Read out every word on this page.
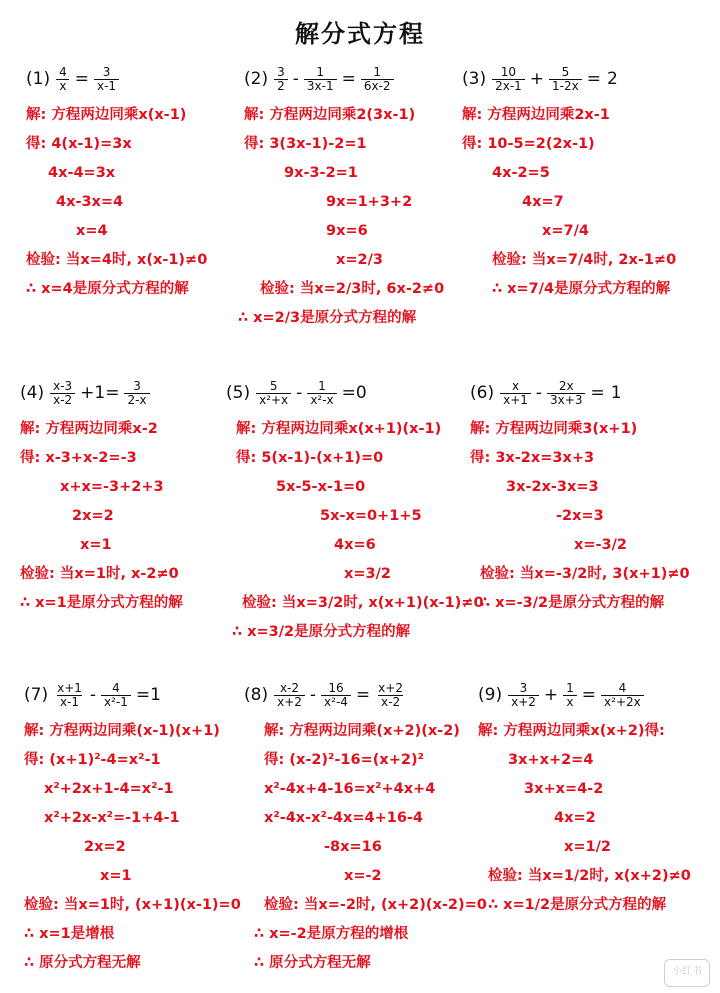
解分式方程
$(1) \frac{4}{x} = \frac{3}{x-1}$
解: 方程两边同乘x(x-1)
得: 4(x-1)=3x
4x-4=3x
4x-3x=4
x=4
检验: 当x=4时, x(x-1)≠0
∴ x=4是原分式方程的解
$(2) \frac{3}{2} - \frac{1}{3x-1} = \frac{1}{6x-2}$
解: 方程两边同乘2(3x-1)
得: 3(3x-1)-2=1
9x-3-2=1
9x=1+3+2
9x=6
x=2/3
检验: 当x=2/3时, 6x-2≠0
∴ x=2/3是原分式方程的解
$(3) \frac{10}{2x-1} + \frac{5}{1-2x} = 2$
解: 方程两边同乘2x-1
得: 10-5=2(2x-1)
4x-2=5
4x=7
x=7/4
检验: 当x=7/4时, 2x-1≠0
∴ x=7/4是原分式方程的解
$(4) \frac{x-3}{x-2} +1= \frac{3}{2-x}$
解: 方程两边同乘x-2
得: x-3+x-2=-3
x+x=-3+2+3
2x=2
x=1
检验: 当x=1时, x-2≠0
∴ x=1是原分式方程的解
$(5) \frac{5}{\text{x²+x}} - \frac{1}{\text{x²-x}} =0$
解: 方程两边同乘x(x+1)(x-1)
得: 5(x-1)-(x+1)=0
5x-5-x-1=0
5x-x=0+1+5
4x=6
x=3/2
检验: 当x=3/2时, x(x+1)(x-1)≠0
∴ x=3/2是原分式方程的解
$(6) \frac{x}{x+1} - \frac{2x}{3x+3} = 1$
解: 方程两边同乘3(x+1)
得: 3x-2x=3x+3
3x-2x-3x=3
-2x=3
x=-3/2
检验: 当x=-3/2时, 3(x+1)≠0
∴ x=-3/2是原分式方程的解
$(7) \frac{x+1}{x-1} - \frac{4}{\text{x²-1}} =1$
解: 方程两边同乘(x-1)(x+1)
得: (x+1)²-4=x²-1
x²+2x+1-4=x²-1
x²+2x-x²=-1+4-1
2x=2
x=1
检验: 当x=1时, (x+1)(x-1)=0
∴ x=1是增根
∴ 原分式方程无解
$(8) \frac{x-2}{x+2} - \frac{16}{\text{x²-4}} = \frac{x+2}{x-2}$
解: 方程两边同乘(x+2)(x-2)
得: (x-2)²-16=(x+2)²
x²-4x+4-16=x²+4x+4
x²-4x-x²-4x=4+16-4
-8x=16
x=-2
检验: 当x=-2时, (x+2)(x-2)=0
∴ x=-2是原方程的增根
∴ 原分式方程无解
$(9) \frac{3}{x+2} + \frac{1}{x} = \frac{4}{\text{x²+2x}}$
解: 方程两边同乘x(x+2)得:
3x+x+2=4
3x+x=4-2
4x=2
x=1/2
检验: 当x=1/2时, x(x+2)≠0
∴ x=1/2是原分式方程的解
小红书
